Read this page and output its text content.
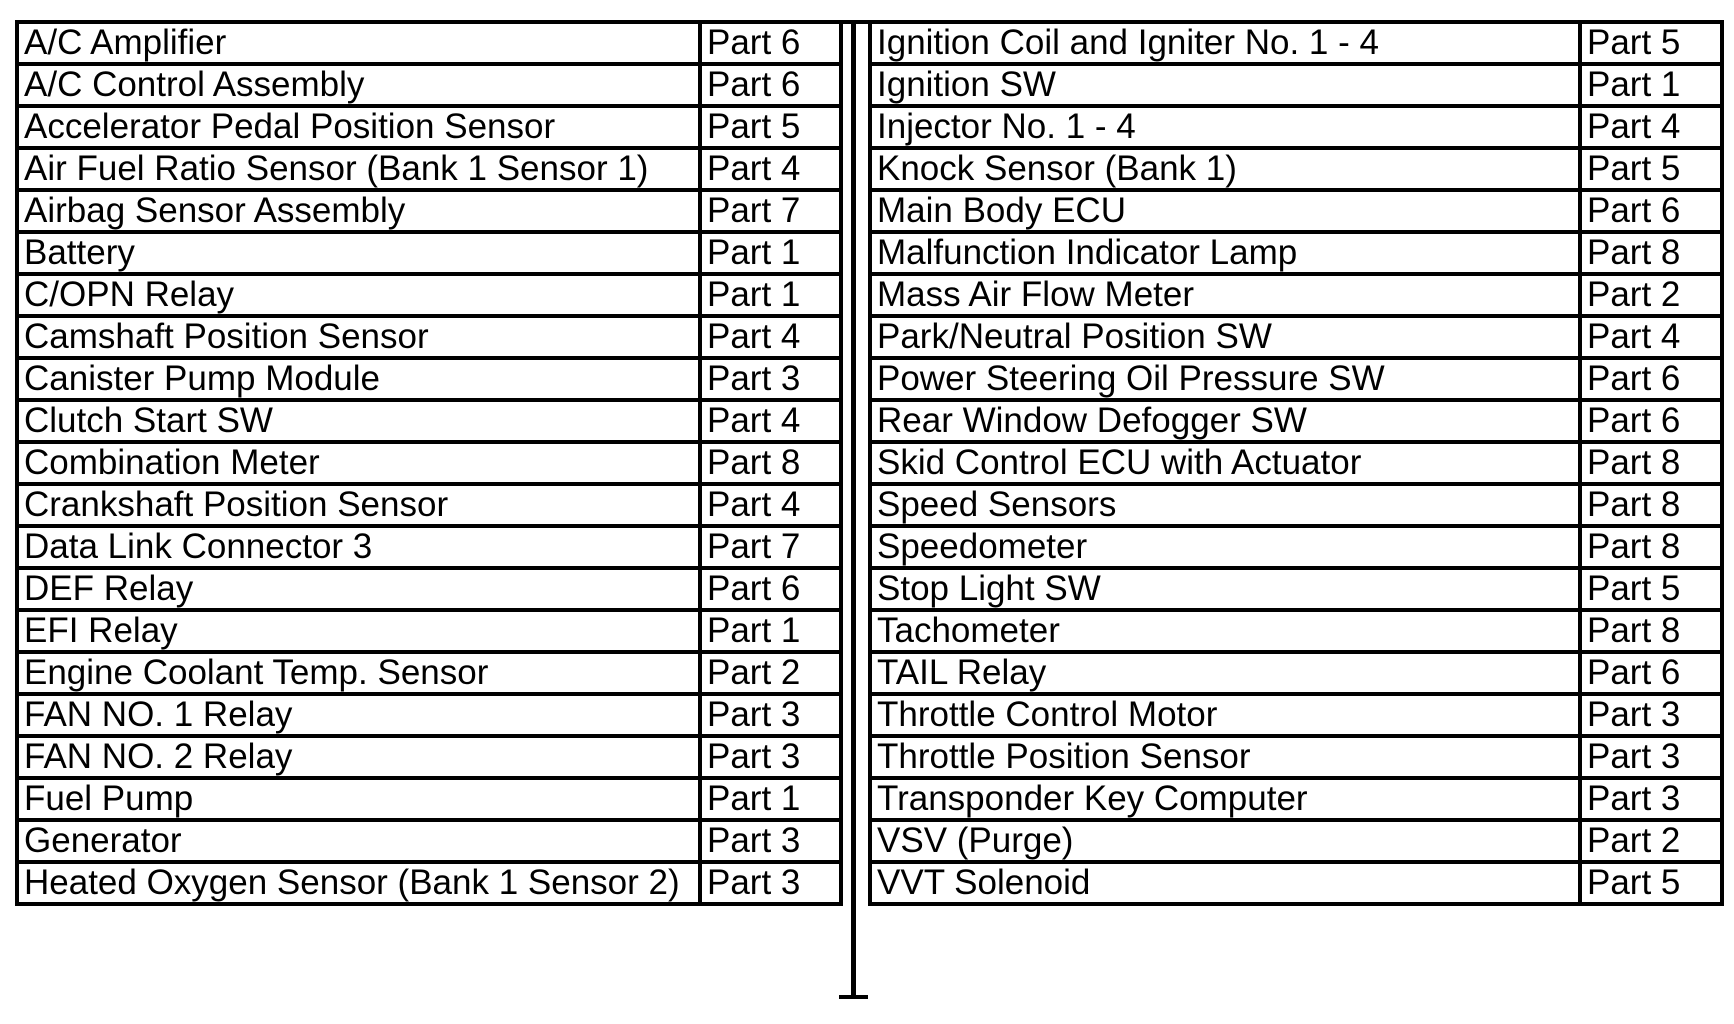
A/C Amplifier	Part 6
A/C Control Assembly	Part 6
Accelerator Pedal Position Sensor	Part 5
Air Fuel Ratio Sensor (Bank 1 Sensor 1)	Part 4
Airbag Sensor Assembly	Part 7
Battery	Part 1
C/OPN Relay	Part 1
Camshaft Position Sensor	Part 4
Canister Pump Module	Part 3
Clutch Start SW	Part 4
Combination Meter	Part 8
Crankshaft Position Sensor	Part 4
Data Link Connector 3	Part 7
DEF Relay	Part 6
EFI Relay	Part 1
Engine Coolant Temp. Sensor	Part 2
FAN NO. 1 Relay	Part 3
FAN NO. 2 Relay	Part 3
Fuel Pump	Part 1
Generator	Part 3
Heated Oxygen Sensor (Bank 1 Sensor 2)	Part 3
Ignition Coil and Igniter No. 1 - 4	Part 5
Ignition SW	Part 1
Injector No. 1 - 4	Part 4
Knock Sensor (Bank 1)	Part 5
Main Body ECU	Part 6
Malfunction Indicator Lamp	Part 8
Mass Air Flow Meter	Part 2
Park/Neutral Position SW	Part 4
Power Steering Oil Pressure SW	Part 6
Rear Window Defogger SW	Part 6
Skid Control ECU with Actuator	Part 8
Speed Sensors	Part 8
Speedometer	Part 8
Stop Light SW	Part 5
Tachometer	Part 8
TAIL Relay	Part 6
Throttle Control Motor	Part 3
Throttle Position Sensor	Part 3
Transponder Key Computer	Part 3
VSV (Purge)	Part 2
VVT Solenoid	Part 5
